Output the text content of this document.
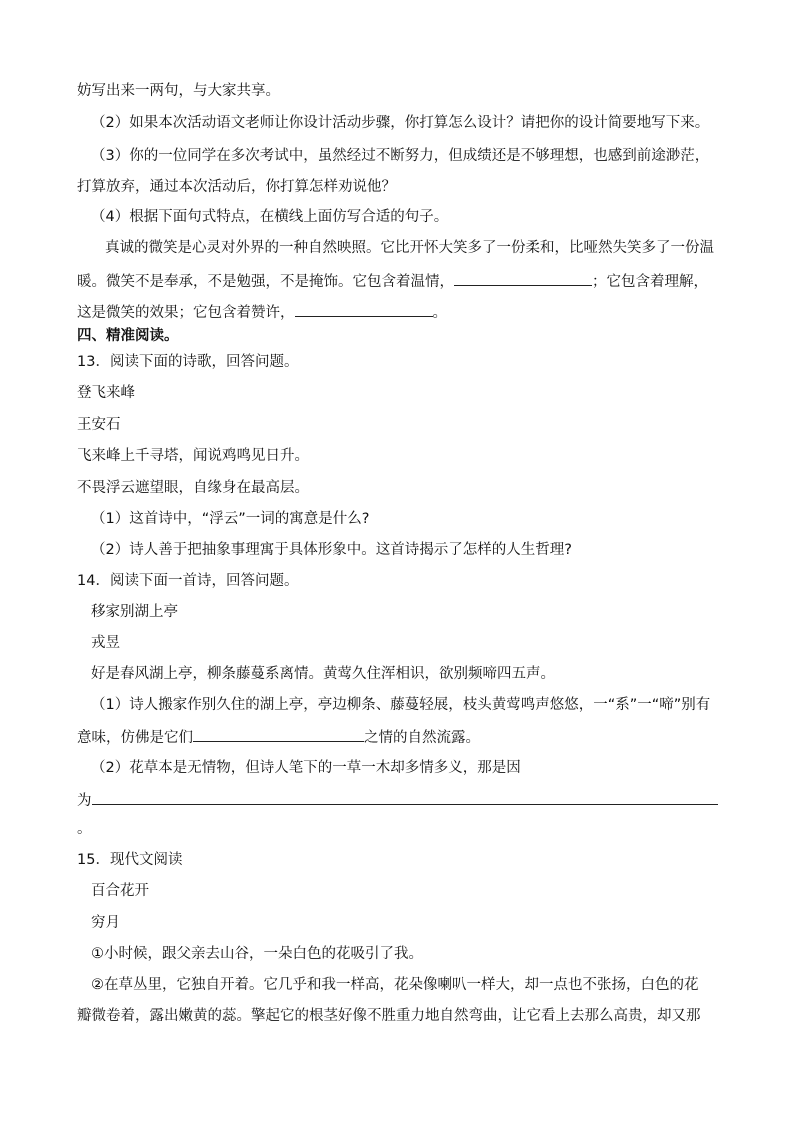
妨写出来一两句，与大家共享。
（2）如果本次活动语文老师让你设计活动步骤，你打算怎么设计？请把你的设计简要地写下来。
（3）你的一位同学在多次考试中，虽然经过不断努力，但成绩还是不够理想，也感到前途渺茫，
打算放弃，通过本次活动后，你打算怎样劝说他？
（4）根据下面句式特点，在横线上面仿写合适的句子。
真诚的微笑是心灵对外界的一种自然映照。它比开怀大笑多了一份柔和，比哑然失笑多了一份温
暖。微笑不是奉承，不是勉强，不是掩饰。它包含着温情，	；它包含着理解，
这是微笑的效果；它包含着赞许，	。
四、精准阅读。
13．阅读下面的诗歌，回答问题。
登飞来峰
王安石
飞来峰上千寻塔，闻说鸡鸣见日升。
不畏浮云遮望眼，自缘身在最高层。
（1）这首诗中，“浮云”一词的寓意是什么?
（2）诗人善于把抽象事理寓于具体形象中。这首诗揭示了怎样的人生哲理?
14．阅读下面一首诗，回答问题。
移家别湖上亭
戎昱
好是春风湖上亭，柳条藤蔓系离情。黄莺久住浑相识，欲别频啼四五声。
（1）诗人搬家作别久住的湖上亭，亭边柳条、藤蔓轻展，枝头黄莺鸣声悠悠，一“系”一“啼”别有
意味，仿佛是它们	之情的自然流露。
（2）花草本是无情物，但诗人笔下的一草一木却多情多义，那是因
为
。
15．现代文阅读
百合花开
穷月
①小时候，跟父亲去山谷，一朵白色的花吸引了我。
②在草丛里，它独自开着。它几乎和我一样高，花朵像喇叭一样大，却一点也不张扬，白色的花
瓣微卷着，露出嫩黄的蕊。擎起它的根茎好像不胜重力地自然弯曲，让它看上去那么高贵，却又那
